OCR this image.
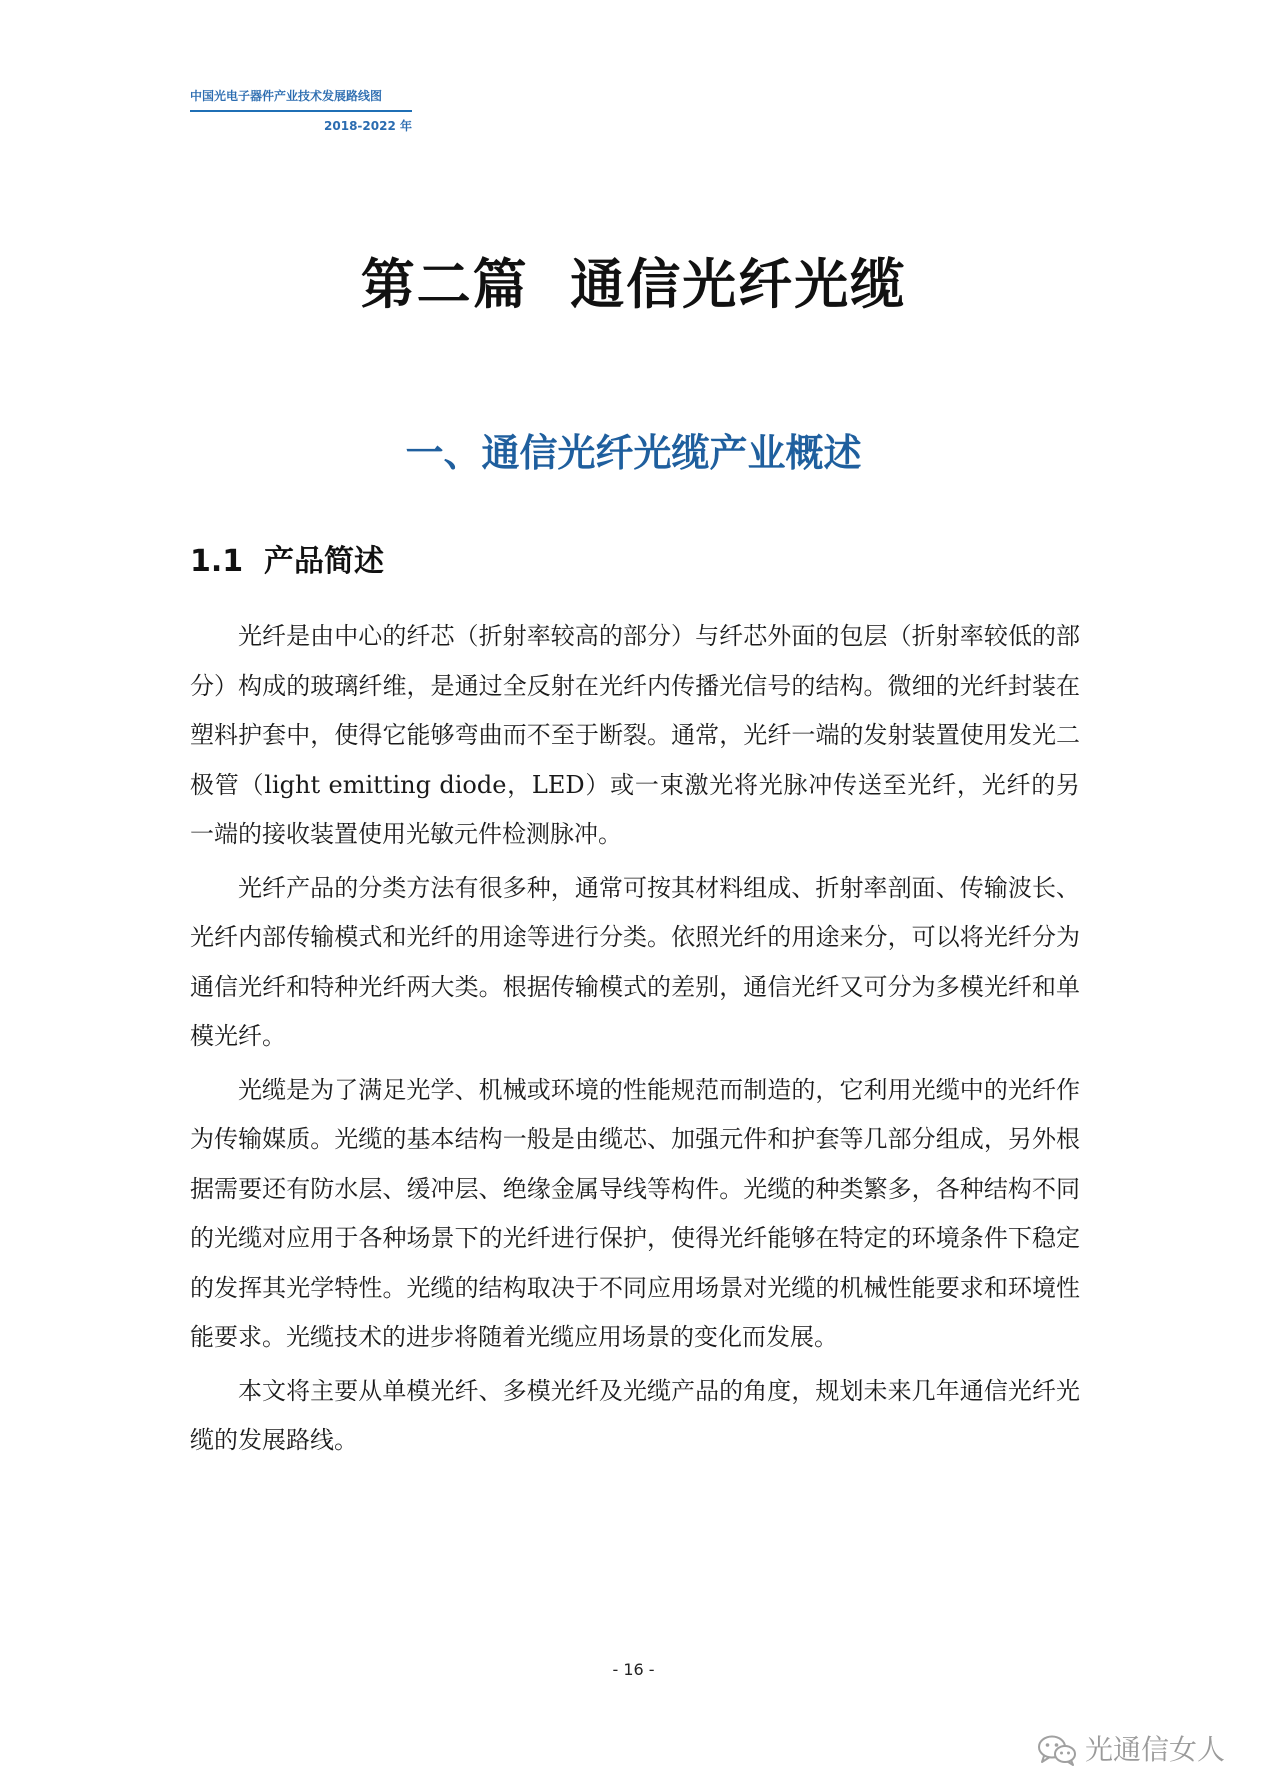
中国光电子器件产业技术发展路线图
2018-2022 年
第二篇  通信光纤光缆
一、通信光纤光缆产业概述
1.1  产品简述

光纤是由中心的纤芯（折射率较高的部分）与纤芯外面的包层（折射率较低的部分）构成的玻璃纤维，是通过全反射在光纤内传播光信号的结构。微细的光纤封装在塑料护套中，使得它能够弯曲而不至于断裂。通常，光纤一端的发射装置使用发光二极管（light emitting diode，LED）或一束激光将光脉冲传送至光纤，光纤的另一端的接收装置使用光敏元件检测脉冲。

光纤产品的分类方法有很多种，通常可按其材料组成、折射率剖面、传输波长、光纤内部传输模式和光纤的用途等进行分类。依照光纤的用途来分，可以将光纤分为通信光纤和特种光纤两大类。根据传输模式的差别，通信光纤又可分为多模光纤和单模光纤。

光缆是为了满足光学、机械或环境的性能规范而制造的，它利用光缆中的光纤作为传输媒质。光缆的基本结构一般是由缆芯、加强元件和护套等几部分组成，另外根据需要还有防水层、缓冲层、绝缘金属导线等构件。光缆的种类繁多，各种结构不同的光缆对应用于各种场景下的光纤进行保护，使得光纤能够在特定的环境条件下稳定的发挥其光学特性。光缆的结构取决于不同应用场景对光缆的机械性能要求和环境性能要求。光缆技术的进步将随着光缆应用场景的变化而发展。

本文将主要从单模光纤、多模光纤及光缆产品的角度，规划未来几年通信光纤光缆的发展路线。

- 16 -
光通信女人
